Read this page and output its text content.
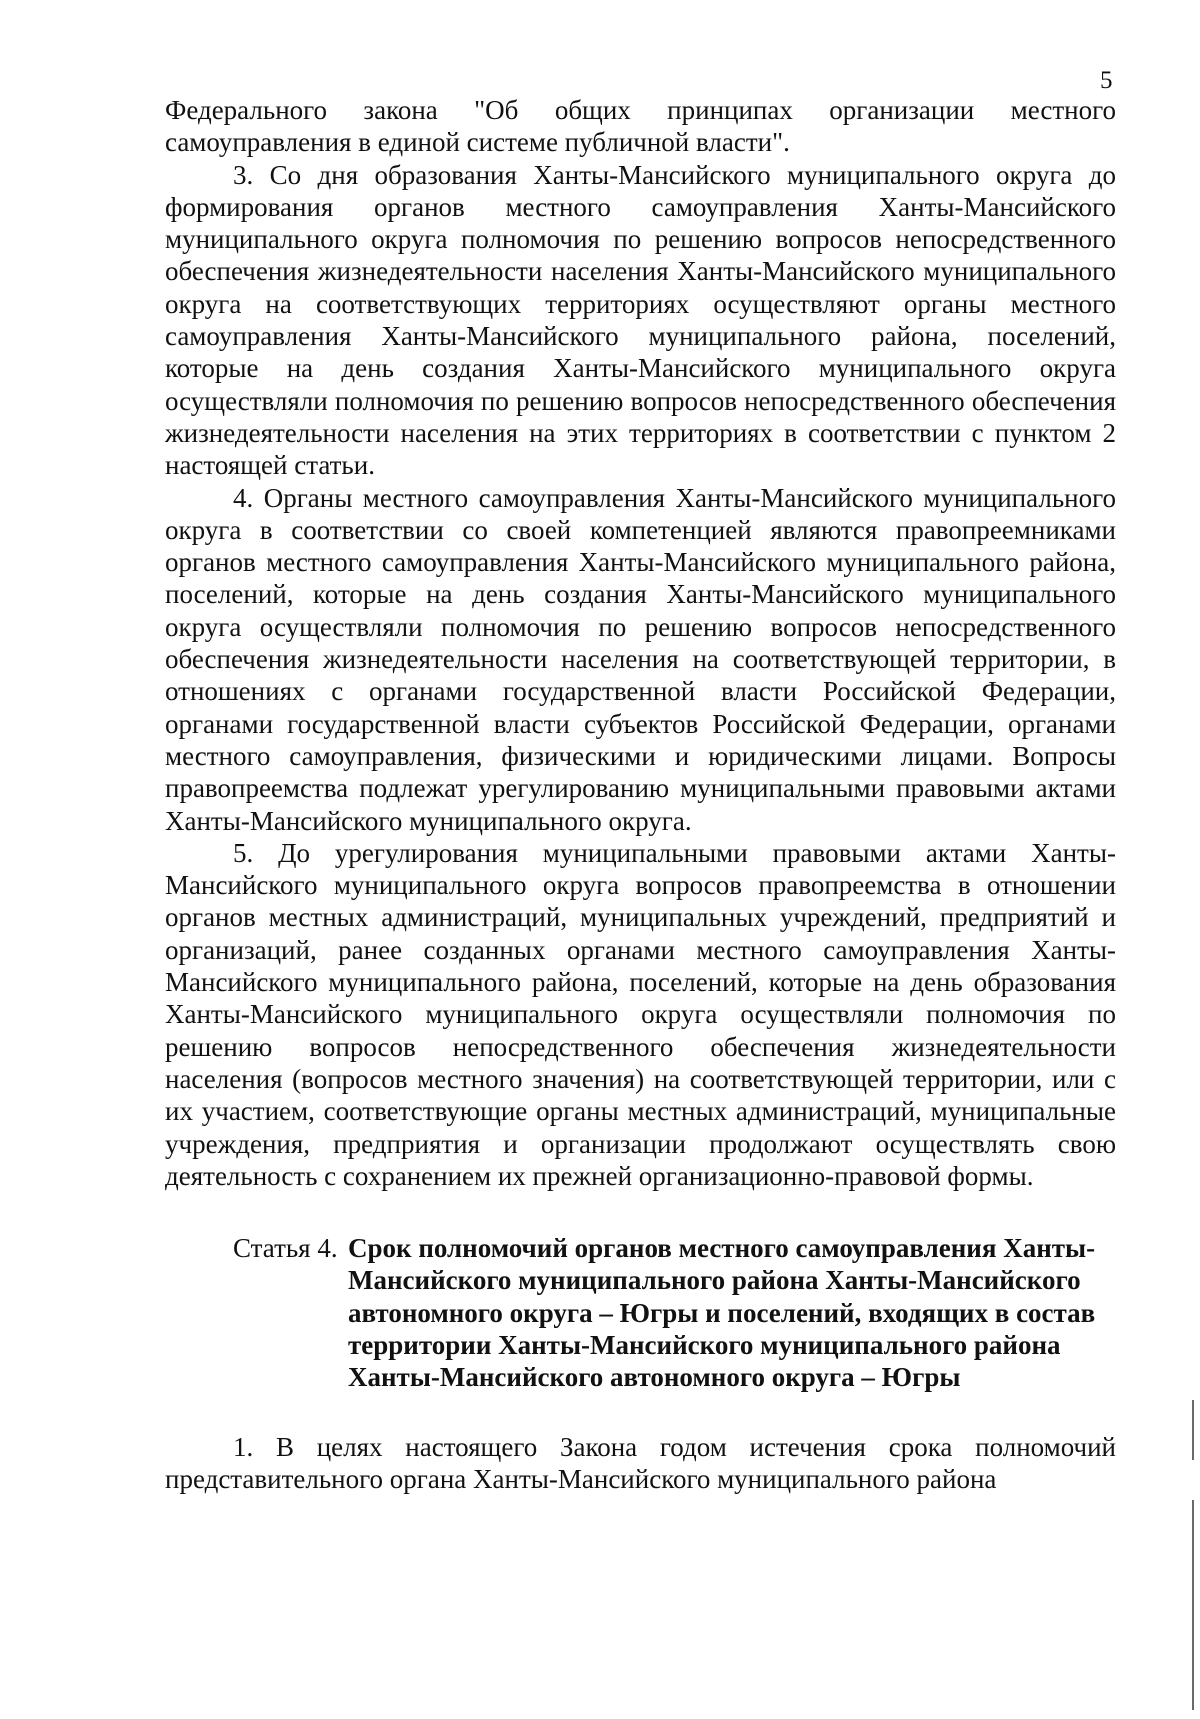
5

Федерального закона "Об общих принципах организации местного самоуправления в единой системе публичной власти".

3. Со дня образования Ханты-Мансийского муниципального округа до формирования органов местного самоуправления Ханты-Мансийского муниципального округа полномочия по решению вопросов непосредственного обеспечения жизнедеятельности населения Ханты-Мансийского муниципального округа на соответствующих территориях осуществляют органы местного самоуправления Ханты-Мансийского муниципального района, поселений, которые на день создания Ханты-Мансийского муниципального округа осуществляли полномочия по решению вопросов непосредственного обеспечения жизнедеятельности населения на этих территориях в соответствии с пунктом 2 настоящей статьи.

4. Органы местного самоуправления Ханты-Мансийского муниципального округа в соответствии со своей компетенцией являются правопреемниками органов местного самоуправления Ханты-Мансийского муниципального района, поселений, которые на день создания Ханты-Мансийского муниципального округа осуществляли полномочия по решению вопросов непосредственного обеспечения жизнедеятельности населения на соответствующей территории, в отношениях с органами государственной власти Российской Федерации, органами государственной власти субъектов Российской Федерации, органами местного самоуправления, физическими и юридическими лицами. Вопросы правопреемства подлежат урегулированию муниципальными правовыми актами Ханты-Мансийского муниципального округа.

5. До урегулирования муниципальными правовыми актами Ханты-Мансийского муниципального округа вопросов правопреемства в отношении органов местных администраций, муниципальных учреждений, предприятий и организаций, ранее созданных органами местного самоуправления Ханты-Мансийского муниципального района, поселений, которые на день образования Ханты-Мансийского муниципального округа осуществляли полномочия по решению вопросов непосредственного обеспечения жизнедеятельности населения (вопросов местного значения) на соответствующей территории, или с их участием, соответствующие органы местных администраций, муниципальные учреждения, предприятия и организации продолжают осуществлять свою деятельность с сохранением их прежней организационно-правовой формы.

Статья 4. Срок полномочий органов местного самоуправления Ханты-Мансийского муниципального района Ханты-Мансийского автономного округа – Югры и поселений, входящих в состав территории Ханты-Мансийского муниципального района Ханты-Мансийского автономного округа – Югры

1. В целях настоящего Закона годом истечения срока полномочий представительного органа Ханты-Мансийского муниципального района
